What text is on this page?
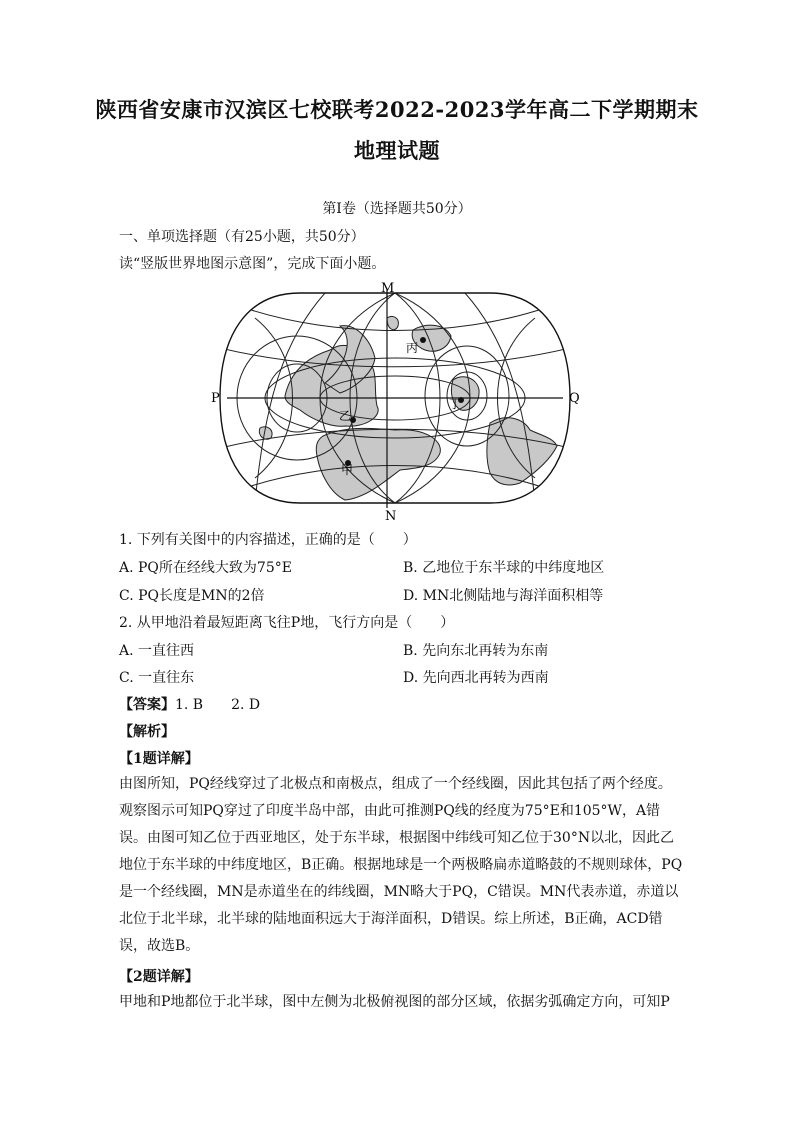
陕西省安康市汉滨区七校联考2022-2023学年高二下学期期末
地理试题
第Ⅰ卷（选择题共50分）
一、单项选择题（有25小题，共50分）
读“竖版世界地图示意图”，完成下面小题。
M
N
P	Q
甲
乙
丙
丁
1. 下列有关图中的内容描述，正确的是（　　）
A. PQ所在经线大致为75°E	B. 乙地位于东半球的中纬度地区
C. PQ长度是MN的2倍	D. MN北侧陆地与海洋面积相等
2. 从甲地沿着最短距离飞往P地，飞行方向是（　　）
A. 一直往西	B. 先向东北再转为东南
C. 一直往东	D. 先向西北再转为西南
【答案】1. B　　2. D
【解析】
【1题详解】
由图所知，PQ经线穿过了北极点和南极点，组成了一个经线圈，因此其包括了两个经度。
观察图示可知PQ穿过了印度半岛中部，由此可推测PQ线的经度为75°E和105°W，A错
误。由图可知乙位于西亚地区，处于东半球，根据图中纬线可知乙位于30°N以北，因此乙
地位于东半球的中纬度地区，B正确。根据地球是一个两极略扁赤道略鼓的不规则球体，PQ
是一个经线圈，MN是赤道坐在的纬线圈，MN略大于PQ，C错误。MN代表赤道，赤道以
北位于北半球，北半球的陆地面积远大于海洋面积，D错误。综上所述，B正确，ACD错
误，故选B。
【2题详解】
甲地和P地都位于北半球，图中左侧为北极俯视图的部分区域，依据劣弧确定方向，可知P
